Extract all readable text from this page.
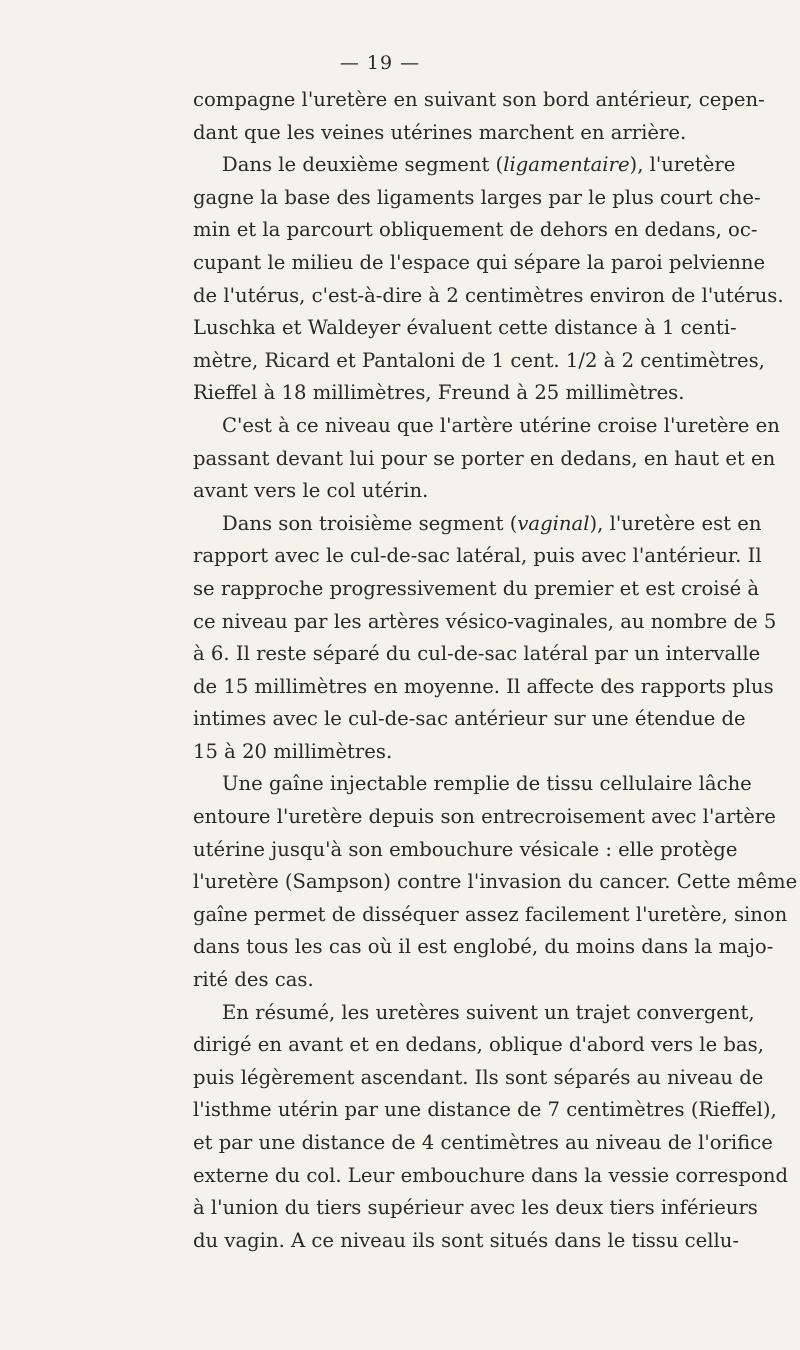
— 19 —
compagne l'uretère en suivant son bord antérieur, cepen-
dant que les veines utérines marchent en arrière.
Dans le deuxième segment (ligamentaire), l'uretère
gagne la base des ligaments larges par le plus court che-
min et la parcourt obliquement de dehors en dedans, oc-
cupant le milieu de l'espace qui sépare la paroi pelvienne
de l'utérus, c'est-à-dire à 2 centimètres environ de l'utérus.
Luschka et Waldeyer évaluent cette distance à 1 centi-
mètre, Ricard et Pantaloni de 1 cent. 1/2 à 2 centimètres,
Rieffel à 18 millimètres, Freund à 25 millimètres.
C'est à ce niveau que l'artère utérine croise l'uretère en
passant devant lui pour se porter en dedans, en haut et en
avant vers le col utérin.
Dans son troisième segment (vaginal), l'uretère est en
rapport avec le cul-de-sac latéral, puis avec l'antérieur. Il
se rapproche progressivement du premier et est croisé à
ce niveau par les artères vésico-vaginales, au nombre de 5
à 6. Il reste séparé du cul-de-sac latéral par un intervalle
de 15 millimètres en moyenne. Il affecte des rapports plus
intimes avec le cul-de-sac antérieur sur une étendue de
15 à 20 millimètres.
Une gaîne injectable remplie de tissu cellulaire lâche
entoure l'uretère depuis son entrecroisement avec l'artère
utérine jusqu'à son embouchure vésicale : elle protège
l'uretère (Sampson) contre l'invasion du cancer. Cette même
gaîne permet de disséquer assez facilement l'uretère, sinon
dans tous les cas où il est englobé, du moins dans la majo-
rité des cas.
En résumé, les uretères suivent un trajet convergent,
dirigé en avant et en dedans, oblique d'abord vers le bas,
puis légèrement ascendant. Ils sont séparés au niveau de
l'isthme utérin par une distance de 7 centimètres (Rieffel),
et par une distance de 4 centimètres au niveau de l'orifice
externe du col. Leur embouchure dans la vessie correspond
à l'union du tiers supérieur avec les deux tiers inférieurs
du vagin. A ce niveau ils sont situés dans le tissu cellu-
